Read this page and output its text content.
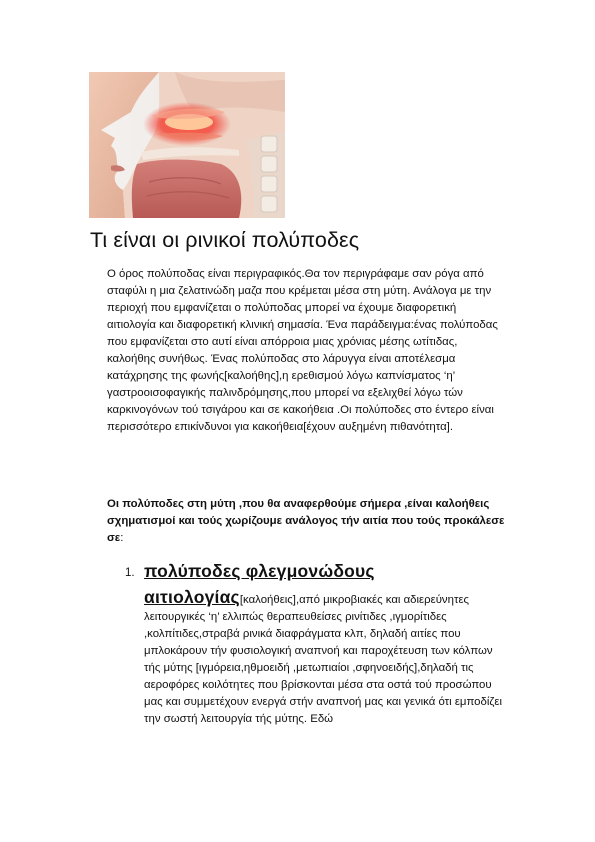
Τι είναι οι ρινικοί πολύποδες

Ο όρος πολύποδας είναι περιγραφικός.Θα τον περιγράφαμε σαν ρόγα από σταφύλι η μια ζελατινώδη μαζα που κρέμεται μέσα στη μύτη. Ανάλογα με την περιοχή που εμφανίζεται ο πολύποδας μπορεί να έχουμε διαφορετική αιτιολογία και διαφορετική κλινική σημασία. Ένα παράδειγμα:ένας πολύποδας που εμφανίζεται στο αυτί είναι απόρροια μιας χρόνιας μέσης ωτίτιδας, καλοήθης συνήθως. Ένας πολύποδας στο λάρυγγα είναι αποτέλεσμα κατάχρησης της φωνής[καλοήθης],η ερεθισμού λόγω καπνίσματος ‘η’ γαστροοισοφαγικής παλινδρόμησης,που μπορεί να εξελιχθεί λόγω τών καρκινογόνων τού τσιγάρου και σε κακοήθεια .Οι πολύποδες στο έντερο είναι περισσότερο επικίνδυνοι για κακοήθεια[έχουν αυξημένη πιθανότητα].

Οι πολύποδες στη μύτη ,που θα αναφερθούμε σήμερα ,είναι καλοήθεις σχηματισμοί και τούς χωρίζουμε ανάλογος τήν αιτία που τούς προκάλεσε σε:

1. πολύποδες φλεγμονώδους

αιτιολογίας[καλοήθεις],από μικροβιακές και αδιερεύνητες λειτουργικές ‘η’ ελλιπώς θεραπευθείσες ρινίτιδες ,ιγμορίτιδες ,κολπίτιδες,στραβά ρινικά διαφράγματα κλπ, δηλαδή αιτίες που μπλοκάρουν τήν φυσιολογική αναπνοή και παροχέτευση των κόλπων τής μύτης [ιγμόρεια,ηθμοειδή ,μετωπιαίοι ,σφηνοειδής],δηλαδή τις αεροφόρες κοιλότητες που βρίσκονται μέσα στα οστά τού προσώπου μας και συμμετέχουν ενεργά στήν αναπνοή μας και γενικά ότι εμποδίζει την σωστή λειτουργία τής μύτης. Εδώ
